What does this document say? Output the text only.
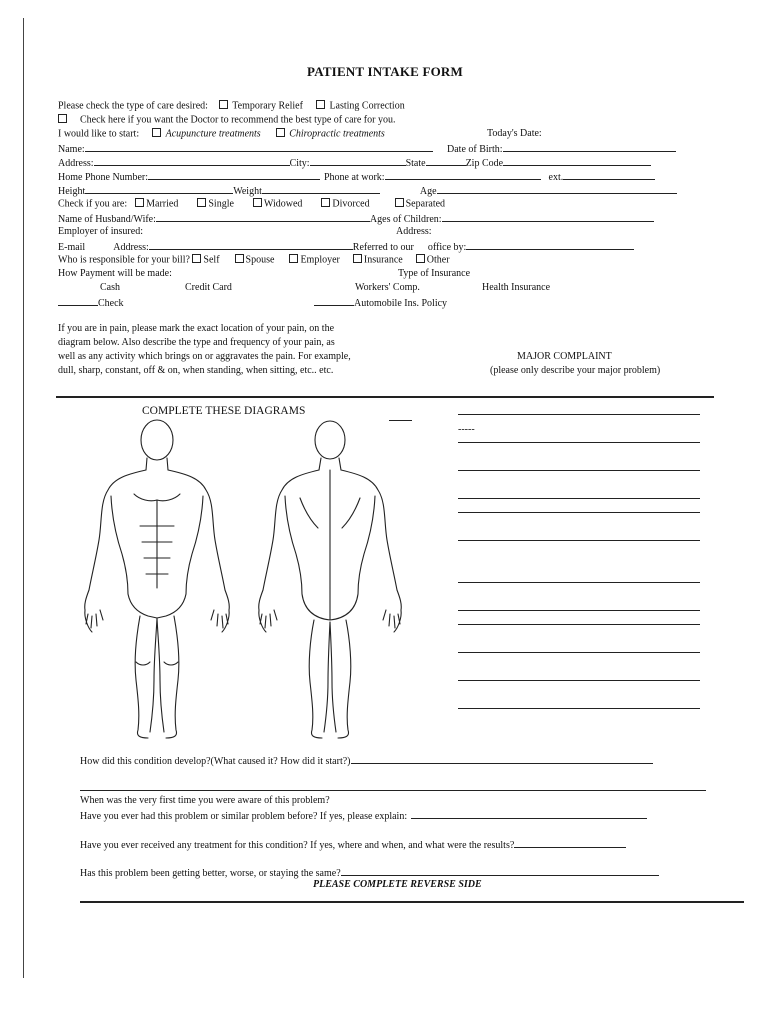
PATIENT INTAKE FORM
Please check the type of care desired: Temporary Relief	Lasting Correction
Check here if you want the Doctor to recommend the best type of care for you.
I would like to start:	Acupuncture treatments	Chiropractic treatments	Today's Date:
Name:	Date of Birth:
Address:	City:	State	Zip Code
Home Phone Number:	Phone at work:	ext.
Height	Weight	Age
Check if you are: Married	Single	Widowed	Divorced	Separated
Name of Husband/Wife:	Ages of Children:
Employer of insured:	Address:
E-mail	Address:	Referred to our office by:
Who is responsible for your bill? Self	Spouse	Employer Insurance Other
How Payment will be made:	Type of Insurance
Cash	Credit Card	Workers' Comp.	Health Insurance
Check	Automobile Ins. Policy
If you are in pain, please mark the exact location of your pain, on the
diagram below. Also describe the type and frequency of your pain, as
well as any activity which brings on or aggravates the pain. For example,
dull, sharp, constant, off & on, when standing, when sitting, etc.. etc.
MAJOR COMPLAINT
(please only describe your major problem)
COMPLETE THESE DIAGRAMS
-----
How did this condition develop?(What caused it? How did it start?)
When was the very first time you were aware of this problem?
Have you ever had this problem or similar problem before? If yes, please explain:
Have you ever received any treatment for this condition? If yes, where and when, and what were the results?
Has this problem been getting better, worse, or staying the same?
PLEASE COMPLETE REVERSE SIDE
